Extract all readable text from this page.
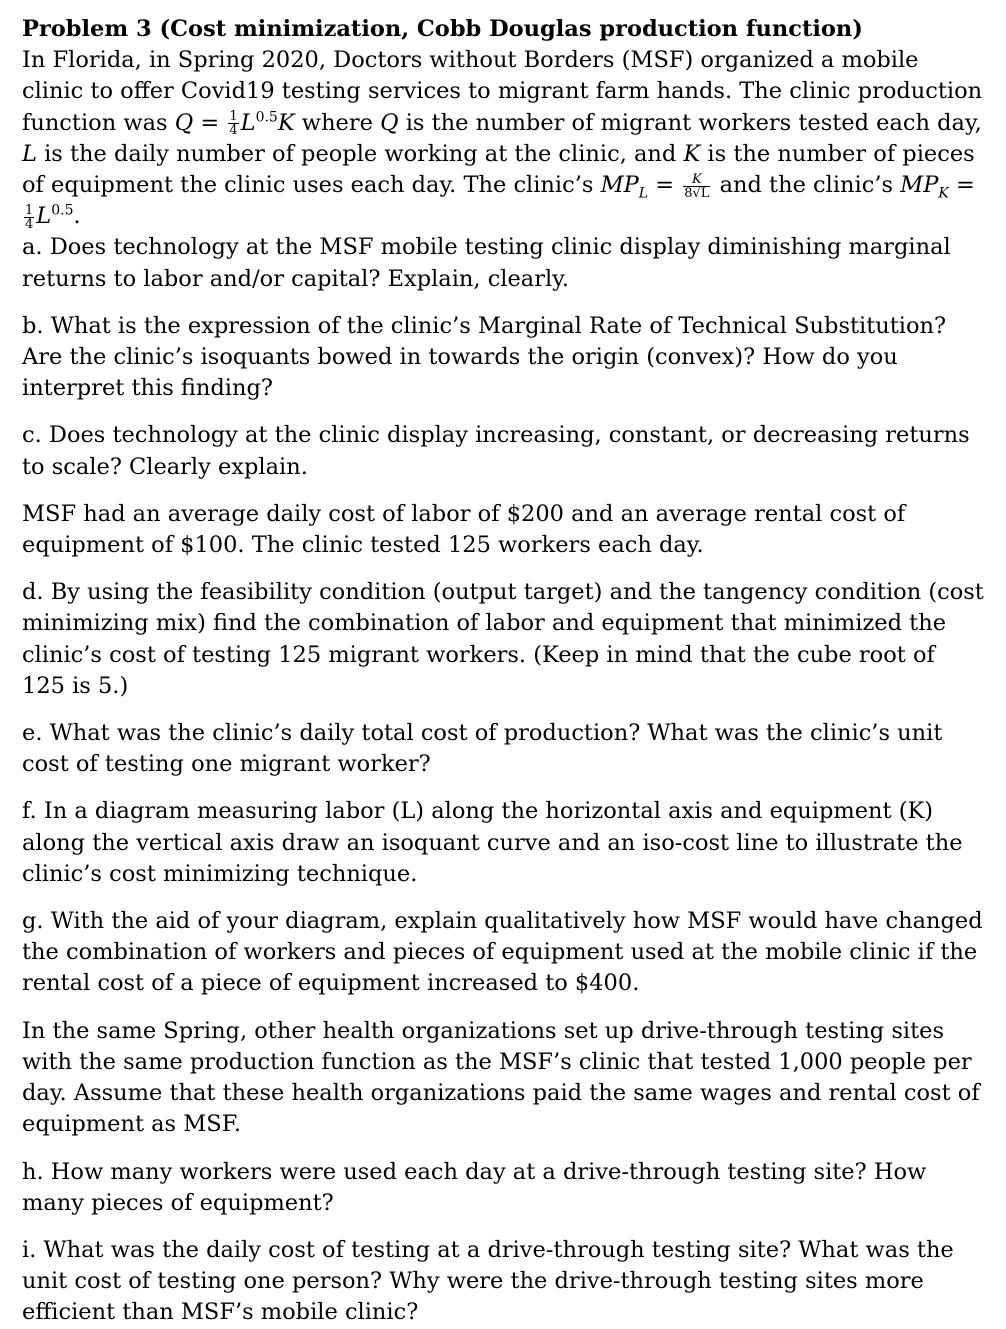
Problem 3 (Cost minimization, Cobb Douglas production function)

In Florida, in Spring 2020, Doctors without Borders (MSF) organized a mobile clinic to offer Covid19 testing services to migrant farm hands. The clinic production function was $Q = \frac{1}{4} L^{0.5}K$ where Q is the number of migrant workers tested each day, L is the daily number of people working at the clinic, and K is the number of pieces of equipment the clinic uses each day. The clinic’s $MP_L = \frac{K}{8√L}$ and the clinic’s $MP_K$ =
$\frac{1}{4} L^{0.5}$.

a. Does technology at the MSF mobile testing clinic display diminishing marginal returns to labor and/or capital? Explain, clearly.

b. What is the expression of the clinic’s Marginal Rate of Technical Substitution? Are the clinic’s isoquants bowed in towards the origin (convex)? How do you interpret this finding?

c. Does technology at the clinic display increasing, constant, or decreasing returns to scale? Clearly explain.

MSF had an average daily cost of labor of $200 and an average rental cost of equipment of $100. The clinic tested 125 workers each day.

d. By using the feasibility condition (output target) and the tangency condition (cost minimizing mix) find the combination of labor and equipment that minimized the clinic’s cost of testing 125 migrant workers. (Keep in mind that the cube root of 125 is 5.)

e. What was the clinic’s daily total cost of production? What was the clinic’s unit cost of testing one migrant worker?

f. In a diagram measuring labor (L) along the horizontal axis and equipment (K) along the vertical axis draw an isoquant curve and an iso-cost line to illustrate the clinic’s cost minimizing technique.

g. With the aid of your diagram, explain qualitatively how MSF would have changed the combination of workers and pieces of equipment used at the mobile clinic if the rental cost of a piece of equipment increased to $400.

In the same Spring, other health organizations set up drive-through testing sites with the same production function as the MSF’s clinic that tested 1,000 people per day. Assume that these health organizations paid the same wages and rental cost of equipment as MSF.

h. How many workers were used each day at a drive-through testing site? How many pieces of equipment?

i. What was the daily cost of testing at a drive-through testing site? What was the unit cost of testing one person? Why were the drive-through testing sites more efficient than MSF’s mobile clinic?
